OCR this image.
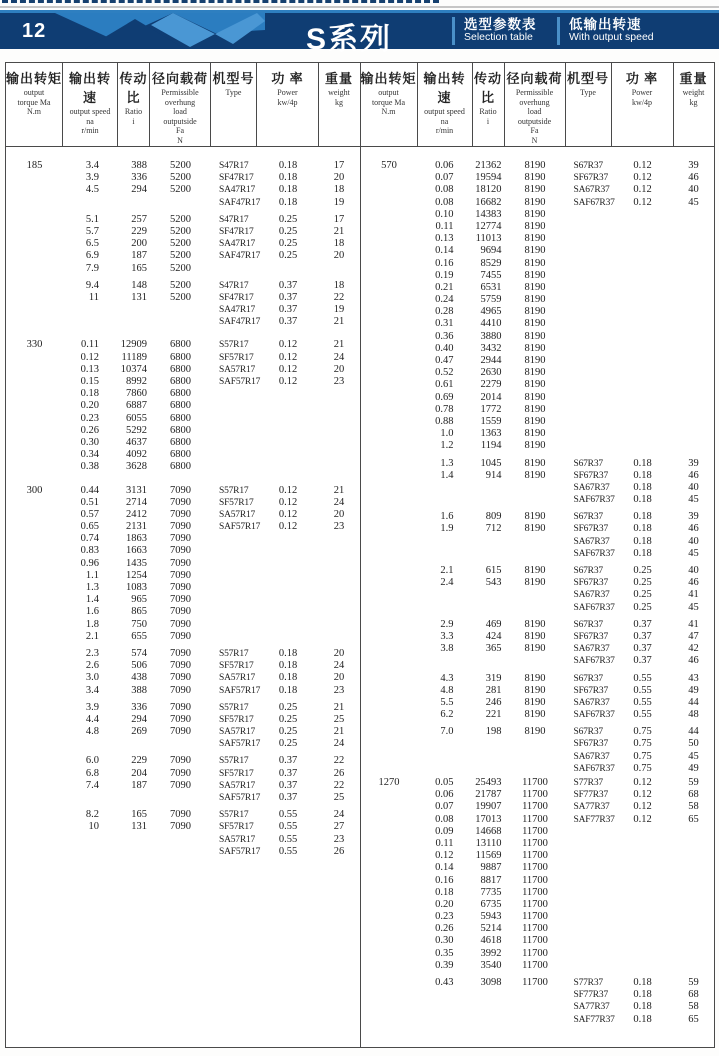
12	S系列	选型参数表
Selection table
低输出转速
With output speed
输出转矩
output
torque Ma
N.m
输出转速
output speed
na
r/min
传动比
Ratio
i
径向载荷
Permissible
overhung
load
outputside
Fa
N
机型号
Type
功 率
Power
kw/4p
重量
weight
kg
185	3.4	388	5200	S47R17	0.18	17
3.9	336	5200	SF47R17	0.18	20
4.5	294	5200	SA47R17	0.18	18
SAF47R17	0.18	19
5.1	257	5200	S47R17	0.25	17
5.7	229	5200	SF47R17	0.25	21
6.5	200	5200	SA47R17	0.25	18
6.9	187	5200	SAF47R17	0.25	20
7.9	165	5200
9.4	148	5200	S47R17	0.37	18
11	131	5200	SF47R17	0.37	22
SA47R17	0.37	19
SAF47R17	0.37	21
330	0.11	12909	6800	S57R17	0.12	21
0.12	11189	6800	SF57R17	0.12	24
0.13	10374	6800	SA57R17	0.12	20
0.15	8992	6800	SAF57R17	0.12	23
0.18	7860	6800
0.20	6887	6800
0.23	6055	6800
0.26	5292	6800
0.30	4637	6800
0.34	4092	6800
0.38	3628	6800
300	0.44	3131	7090	S57R17	0.12	21
0.51	2714	7090	SF57R17	0.12	24
0.57	2412	7090	SA57R17	0.12	20
0.65	2131	7090	SAF57R17	0.12	23
0.74	1863	7090
0.83	1663	7090
0.96	1435	7090
1.1	1254	7090
1.3	1083	7090
1.4	965	7090
1.6	865	7090
1.8	750	7090
2.1	655	7090
2.3	574	7090	S57R17	0.18	20
2.6	506	7090	SF57R17	0.18	24
3.0	438	7090	SA57R17	0.18	20
3.4	388	7090	SAF57R17	0.18	23
3.9	336	7090	S57R17	0.25	21
4.4	294	7090	SF57R17	0.25	25
4.8	269	7090	SA57R17	0.25	21
SAF57R17	0.25	24
6.0	229	7090	S57R17	0.37	22
6.8	204	7090	SF57R17	0.37	26
7.4	187	7090	SA57R17	0.37	22
SAF57R17	0.37	25
8.2	165	7090	S57R17	0.55	24
10	131	7090	SF57R17	0.55	27
SA57R17	0.55	23
SAF57R17	0.55	26
输出转矩
output
torque Ma
N.m
输出转速
output speed
na
r/min
传动比
Ratio
i
径向载荷
Permissible
overhung
load
outputside
Fa
N
机型号
Type
功 率
Power
kw/4p
重量
weight
kg
570	0.06	21362	8190	S67R37	0.12	39
0.07	19594	8190	SF67R37	0.12	46
0.08	18120	8190	SA67R37	0.12	40
0.08	16682	8190	SAF67R37	0.12	45
0.10	14383	8190
0.11	12774	8190
0.13	11013	8190
0.14	9694	8190
0.16	8529	8190
0.19	7455	8190
0.21	6531	8190
0.24	5759	8190
0.28	4965	8190
0.31	4410	8190
0.36	3880	8190
0.40	3432	8190
0.47	2944	8190
0.52	2630	8190
0.61	2279	8190
0.69	2014	8190
0.78	1772	8190
0.88	1559	8190
1.0	1363	8190
1.2	1194	8190
1.3	1045	8190	S67R37	0.18	39
1.4	914	8190	SF67R37	0.18	46
SA67R37	0.18	40
SAF67R37	0.18	45
1.6	809	8190	S67R37	0.18	39
1.9	712	8190	SF67R37	0.18	46
SA67R37	0.18	40
SAF67R37	0.18	45
2.1	615	8190	S67R37	0.25	40
2.4	543	8190	SF67R37	0.25	46
SA67R37	0.25	41
SAF67R37	0.25	45
2.9	469	8190	S67R37	0.37	41
3.3	424	8190	SF67R37	0.37	47
3.8	365	8190	SA67R37	0.37	42
SAF67R37	0.37	46
4.3	319	8190	S67R37	0.55	43
4.8	281	8190	SF67R37	0.55	49
5.5	246	8190	SA67R37	0.55	44
6.2	221	8190	SAF67R37	0.55	48
7.0	198	8190	S67R37	0.75	44
SF67R37	0.75	50
SA67R37	0.75	45
SAF67R37	0.75	49
1270	0.05	25493	11700	S77R37	0.12	59
0.06	21787	11700	SF77R37	0.12	68
0.07	19907	11700	SA77R37	0.12	58
0.08	17013	11700	SAF77R37	0.12	65
0.09	14668	11700
0.11	13110	11700
0.12	11569	11700
0.14	9887	11700
0.16	8817	11700
0.18	7735	11700
0.20	6735	11700
0.23	5943	11700
0.26	5214	11700
0.30	4618	11700
0.35	3992	11700
0.39	3540	11700
0.43	3098	11700	S77R37	0.18	59
SF77R37	0.18	68
SA77R37	0.18	58
SAF77R37	0.18	65
